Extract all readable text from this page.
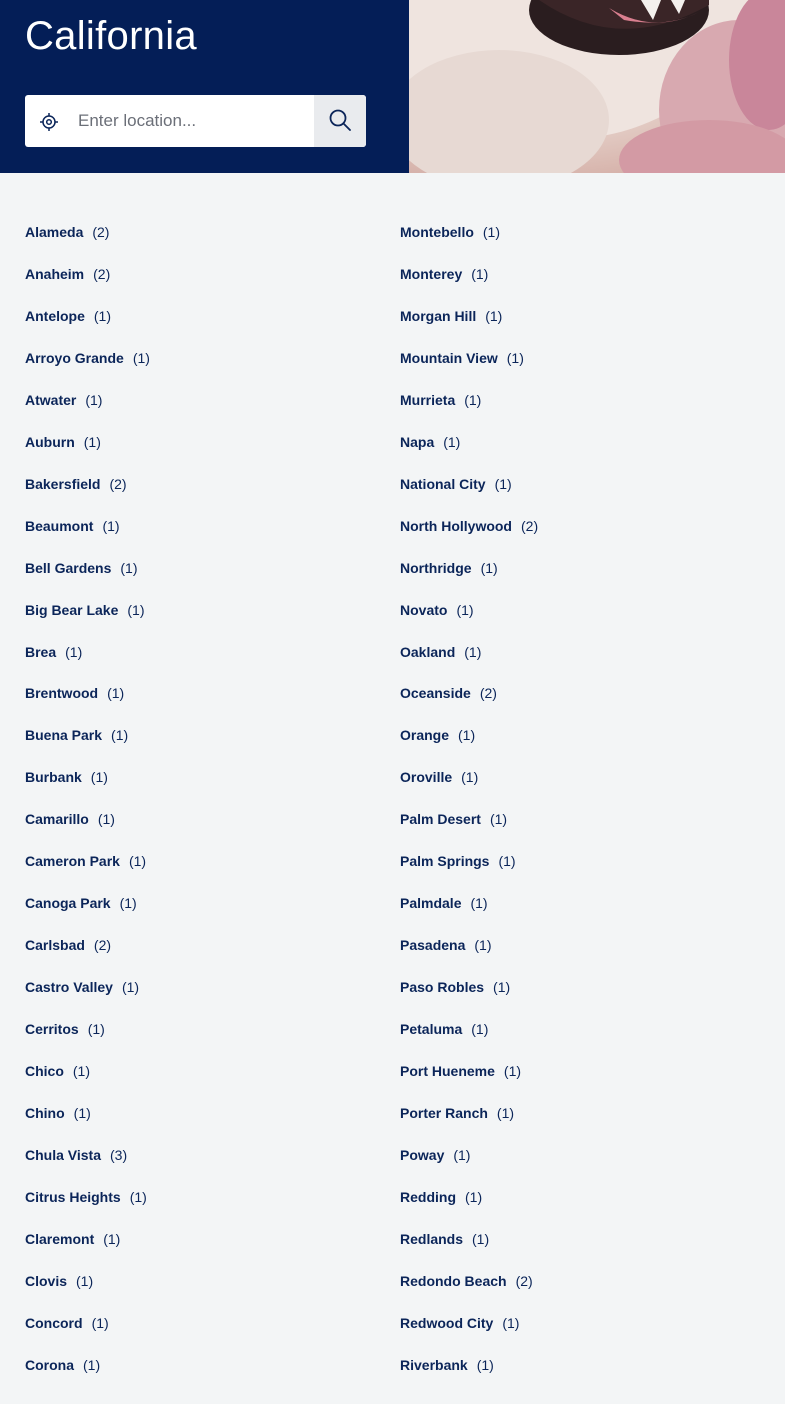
California
Enter location...
Alameda (2)
Anaheim (2)
Antelope (1)
Arroyo Grande (1)
Atwater (1)
Auburn (1)
Bakersfield (2)
Beaumont (1)
Bell Gardens (1)
Big Bear Lake (1)
Brea (1)
Brentwood (1)
Buena Park (1)
Burbank (1)
Camarillo (1)
Cameron Park (1)
Canoga Park (1)
Carlsbad (2)
Castro Valley (1)
Cerritos (1)
Chico (1)
Chino (1)
Chula Vista (3)
Citrus Heights (1)
Claremont (1)
Clovis (1)
Concord (1)
Corona (1)
Montebello (1)
Monterey (1)
Morgan Hill (1)
Mountain View (1)
Murrieta (1)
Napa (1)
National City (1)
North Hollywood (2)
Northridge (1)
Novato (1)
Oakland (1)
Oceanside (2)
Orange (1)
Oroville (1)
Palm Desert (1)
Palm Springs (1)
Palmdale (1)
Pasadena (1)
Paso Robles (1)
Petaluma (1)
Port Hueneme (1)
Porter Ranch (1)
Poway (1)
Redding (1)
Redlands (1)
Redondo Beach (2)
Redwood City (1)
Riverbank (1)
